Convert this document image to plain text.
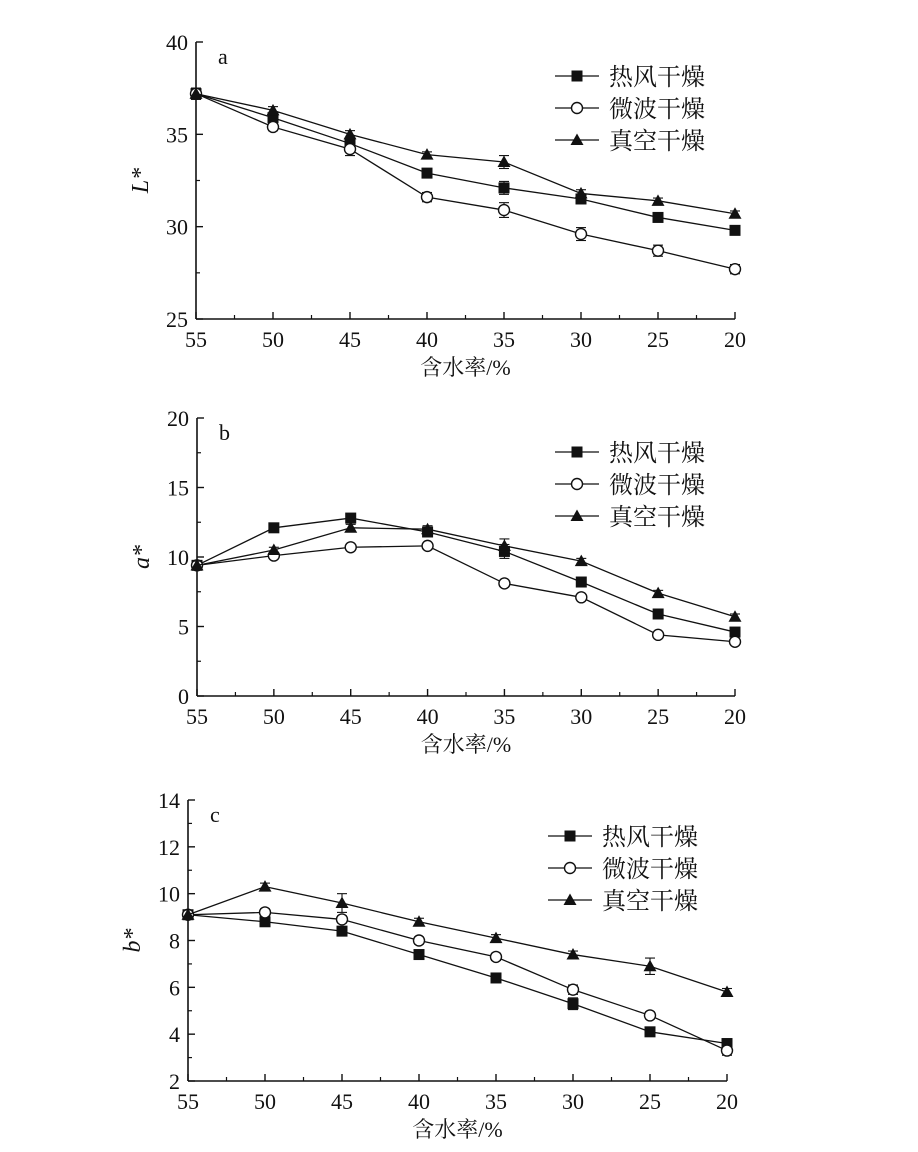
55	50	45	40	35	30	25	20
25
30
35
40
含水率/%
L*
a
热风干燥
微波干燥
真空干燥
55 50 45 40 35 30 25 20
0
5
10
15
20
含水率/%
a*
b
热风干燥
微波干燥
真空干燥
55	50	45	40	35	30	25	20
2
4
6
8
10
12
14
含水率/%
b*
c
热风干燥
微波干燥
真空干燥
